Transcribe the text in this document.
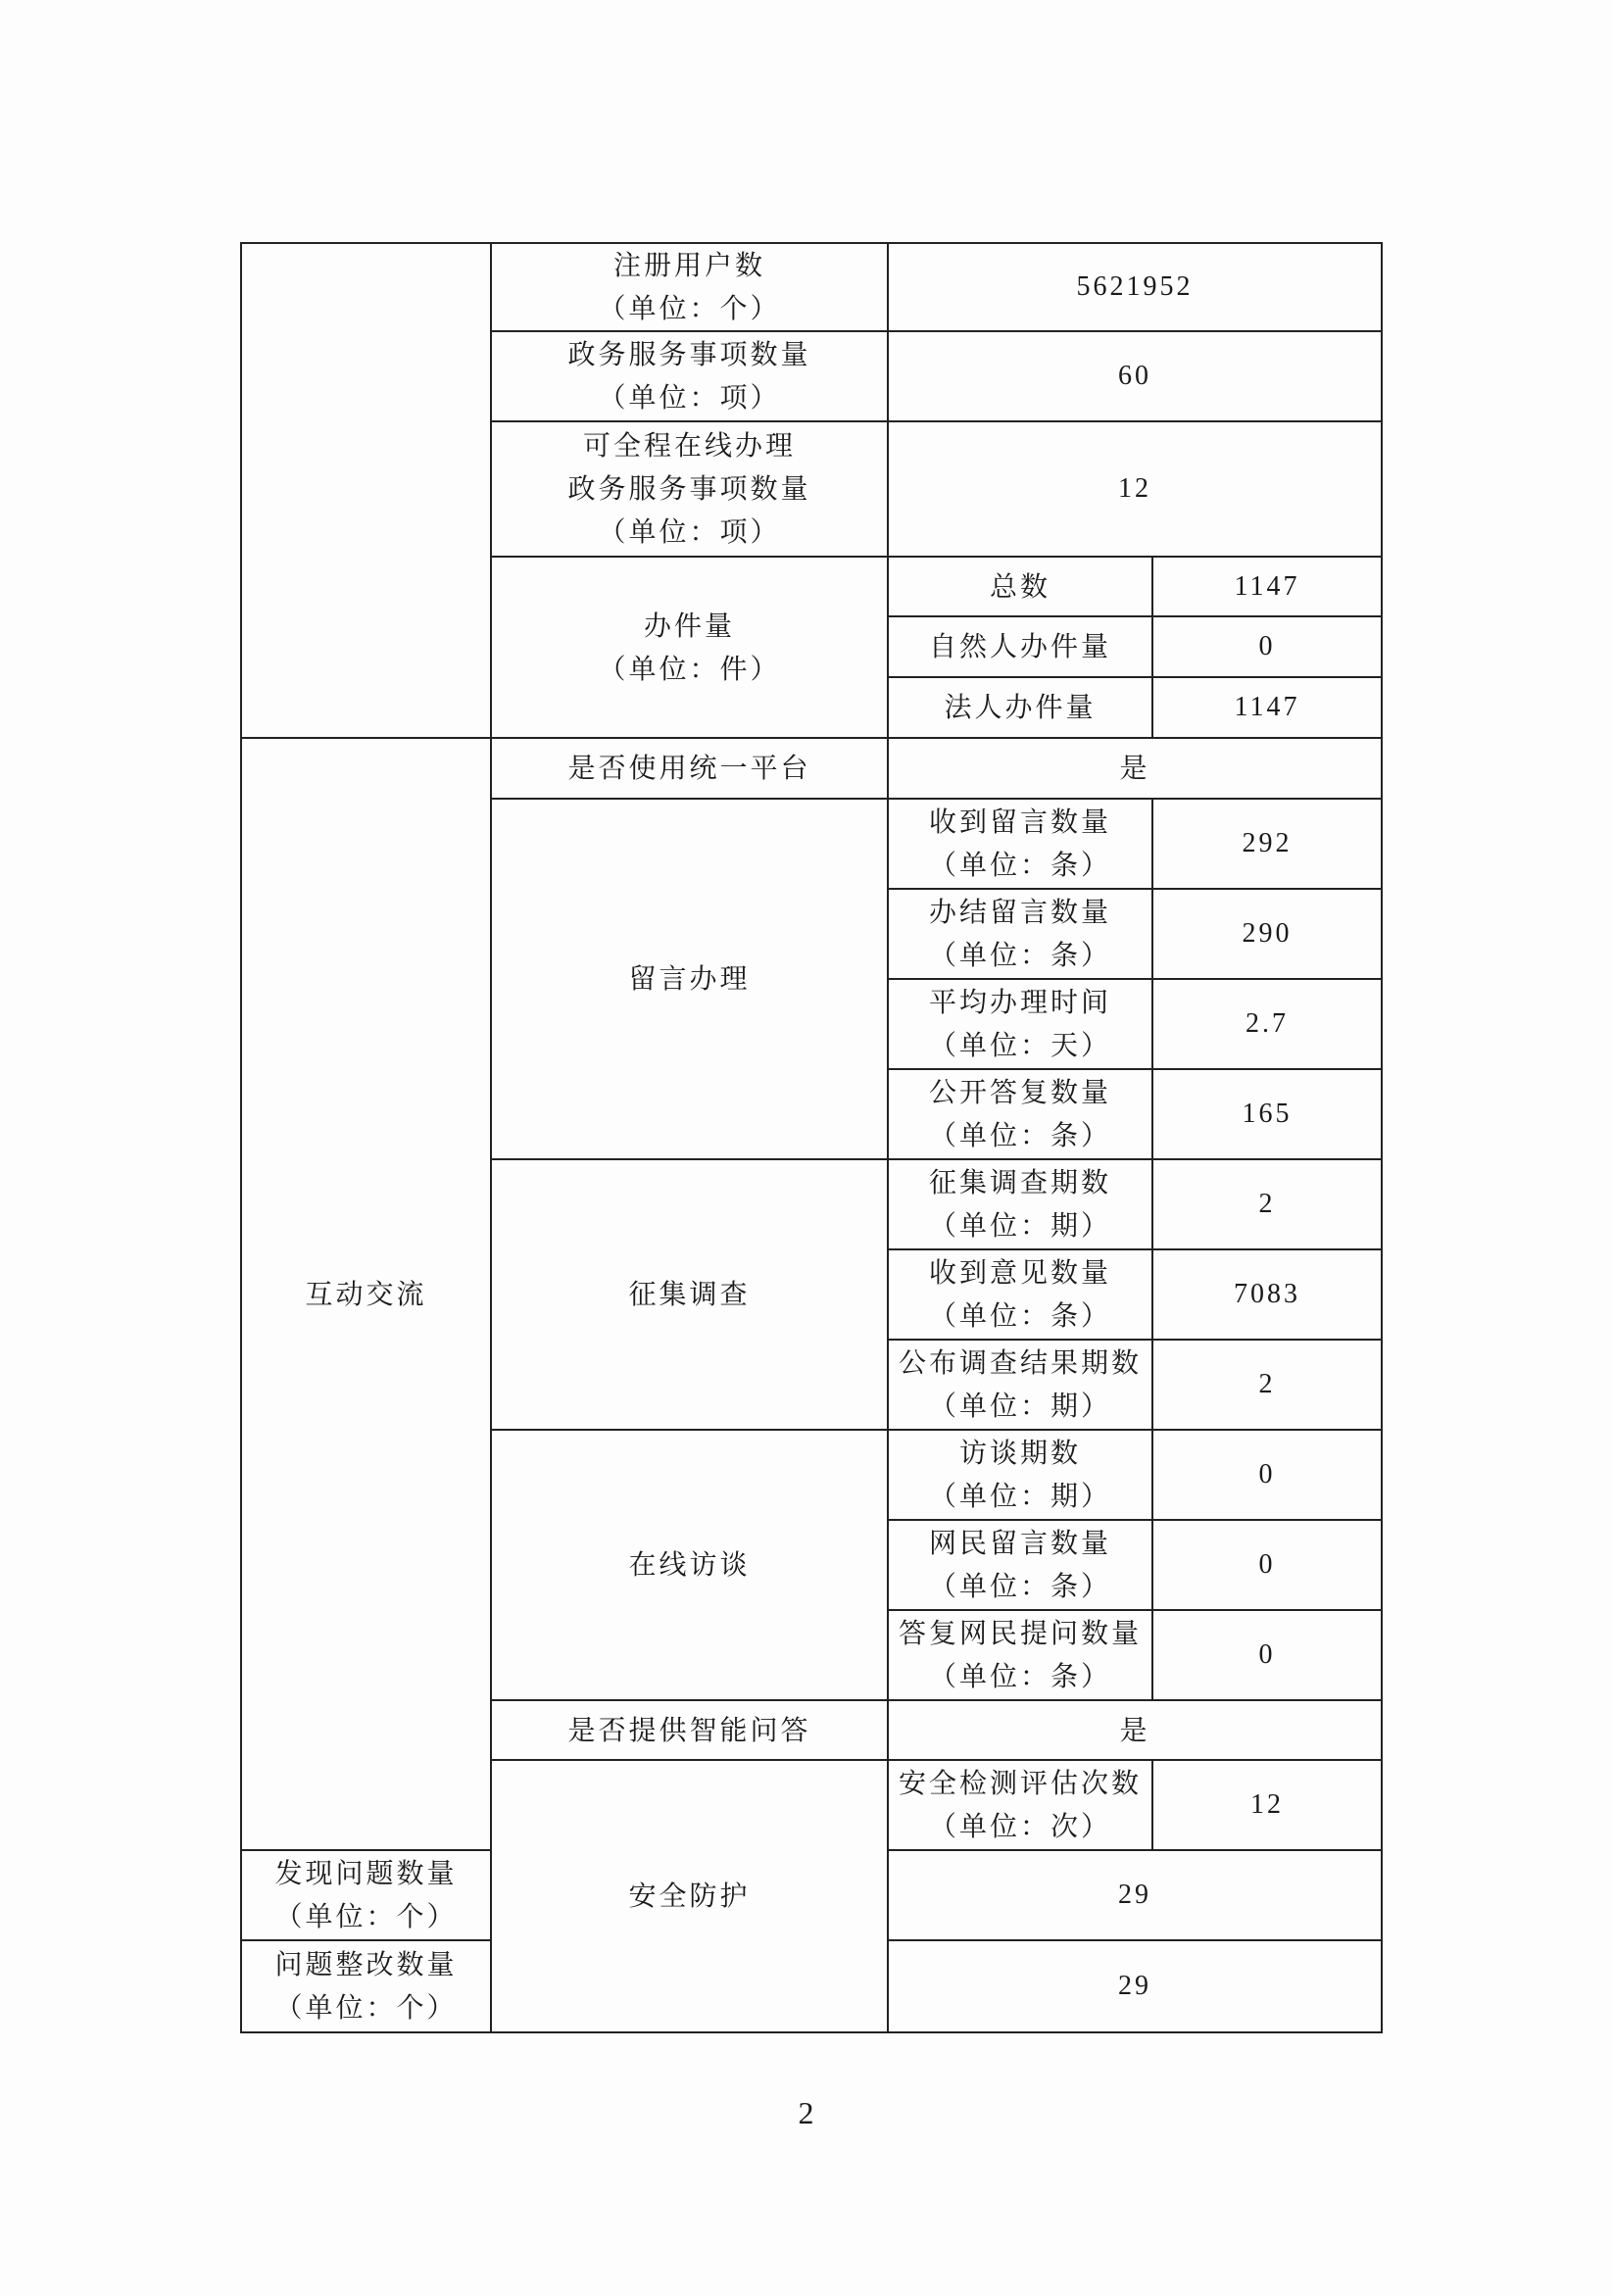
	注册用户数
（单位：个）	5621952	

	政务服务事项数量
（单位：项）	60	

	可全程在线办理
政务服务事项数量
（单位：项）	12	

	办件量
（单位：件）	总数	1147
		自然人办件量	0
		法人办件量	1147
互动交流	是否使用统一平台	是	
	留言办理	收到留言数量
（单位：条）	292

		办结留言数量
（单位：条）	290

		平均办理时间
（单位：天）	2.7

		公开答复数量
（单位：条）	165
	征集调查	征集调查期数
（单位：期）	2

		收到意见数量
（单位：条）	7083

		公布调查结果期数
（单位：期）	2
	在线访谈	访谈期数
（单位：期）	0

		网民留言数量
（单位：条）	0

		答复网民提问数量
（单位：条）	0
	是否提供智能问答	是	
	安全防护	安全检测评估次数
（单位：次）	12

发现问题数量
（单位：个）		29	

问题整改数量
（单位：个）		29	
2
